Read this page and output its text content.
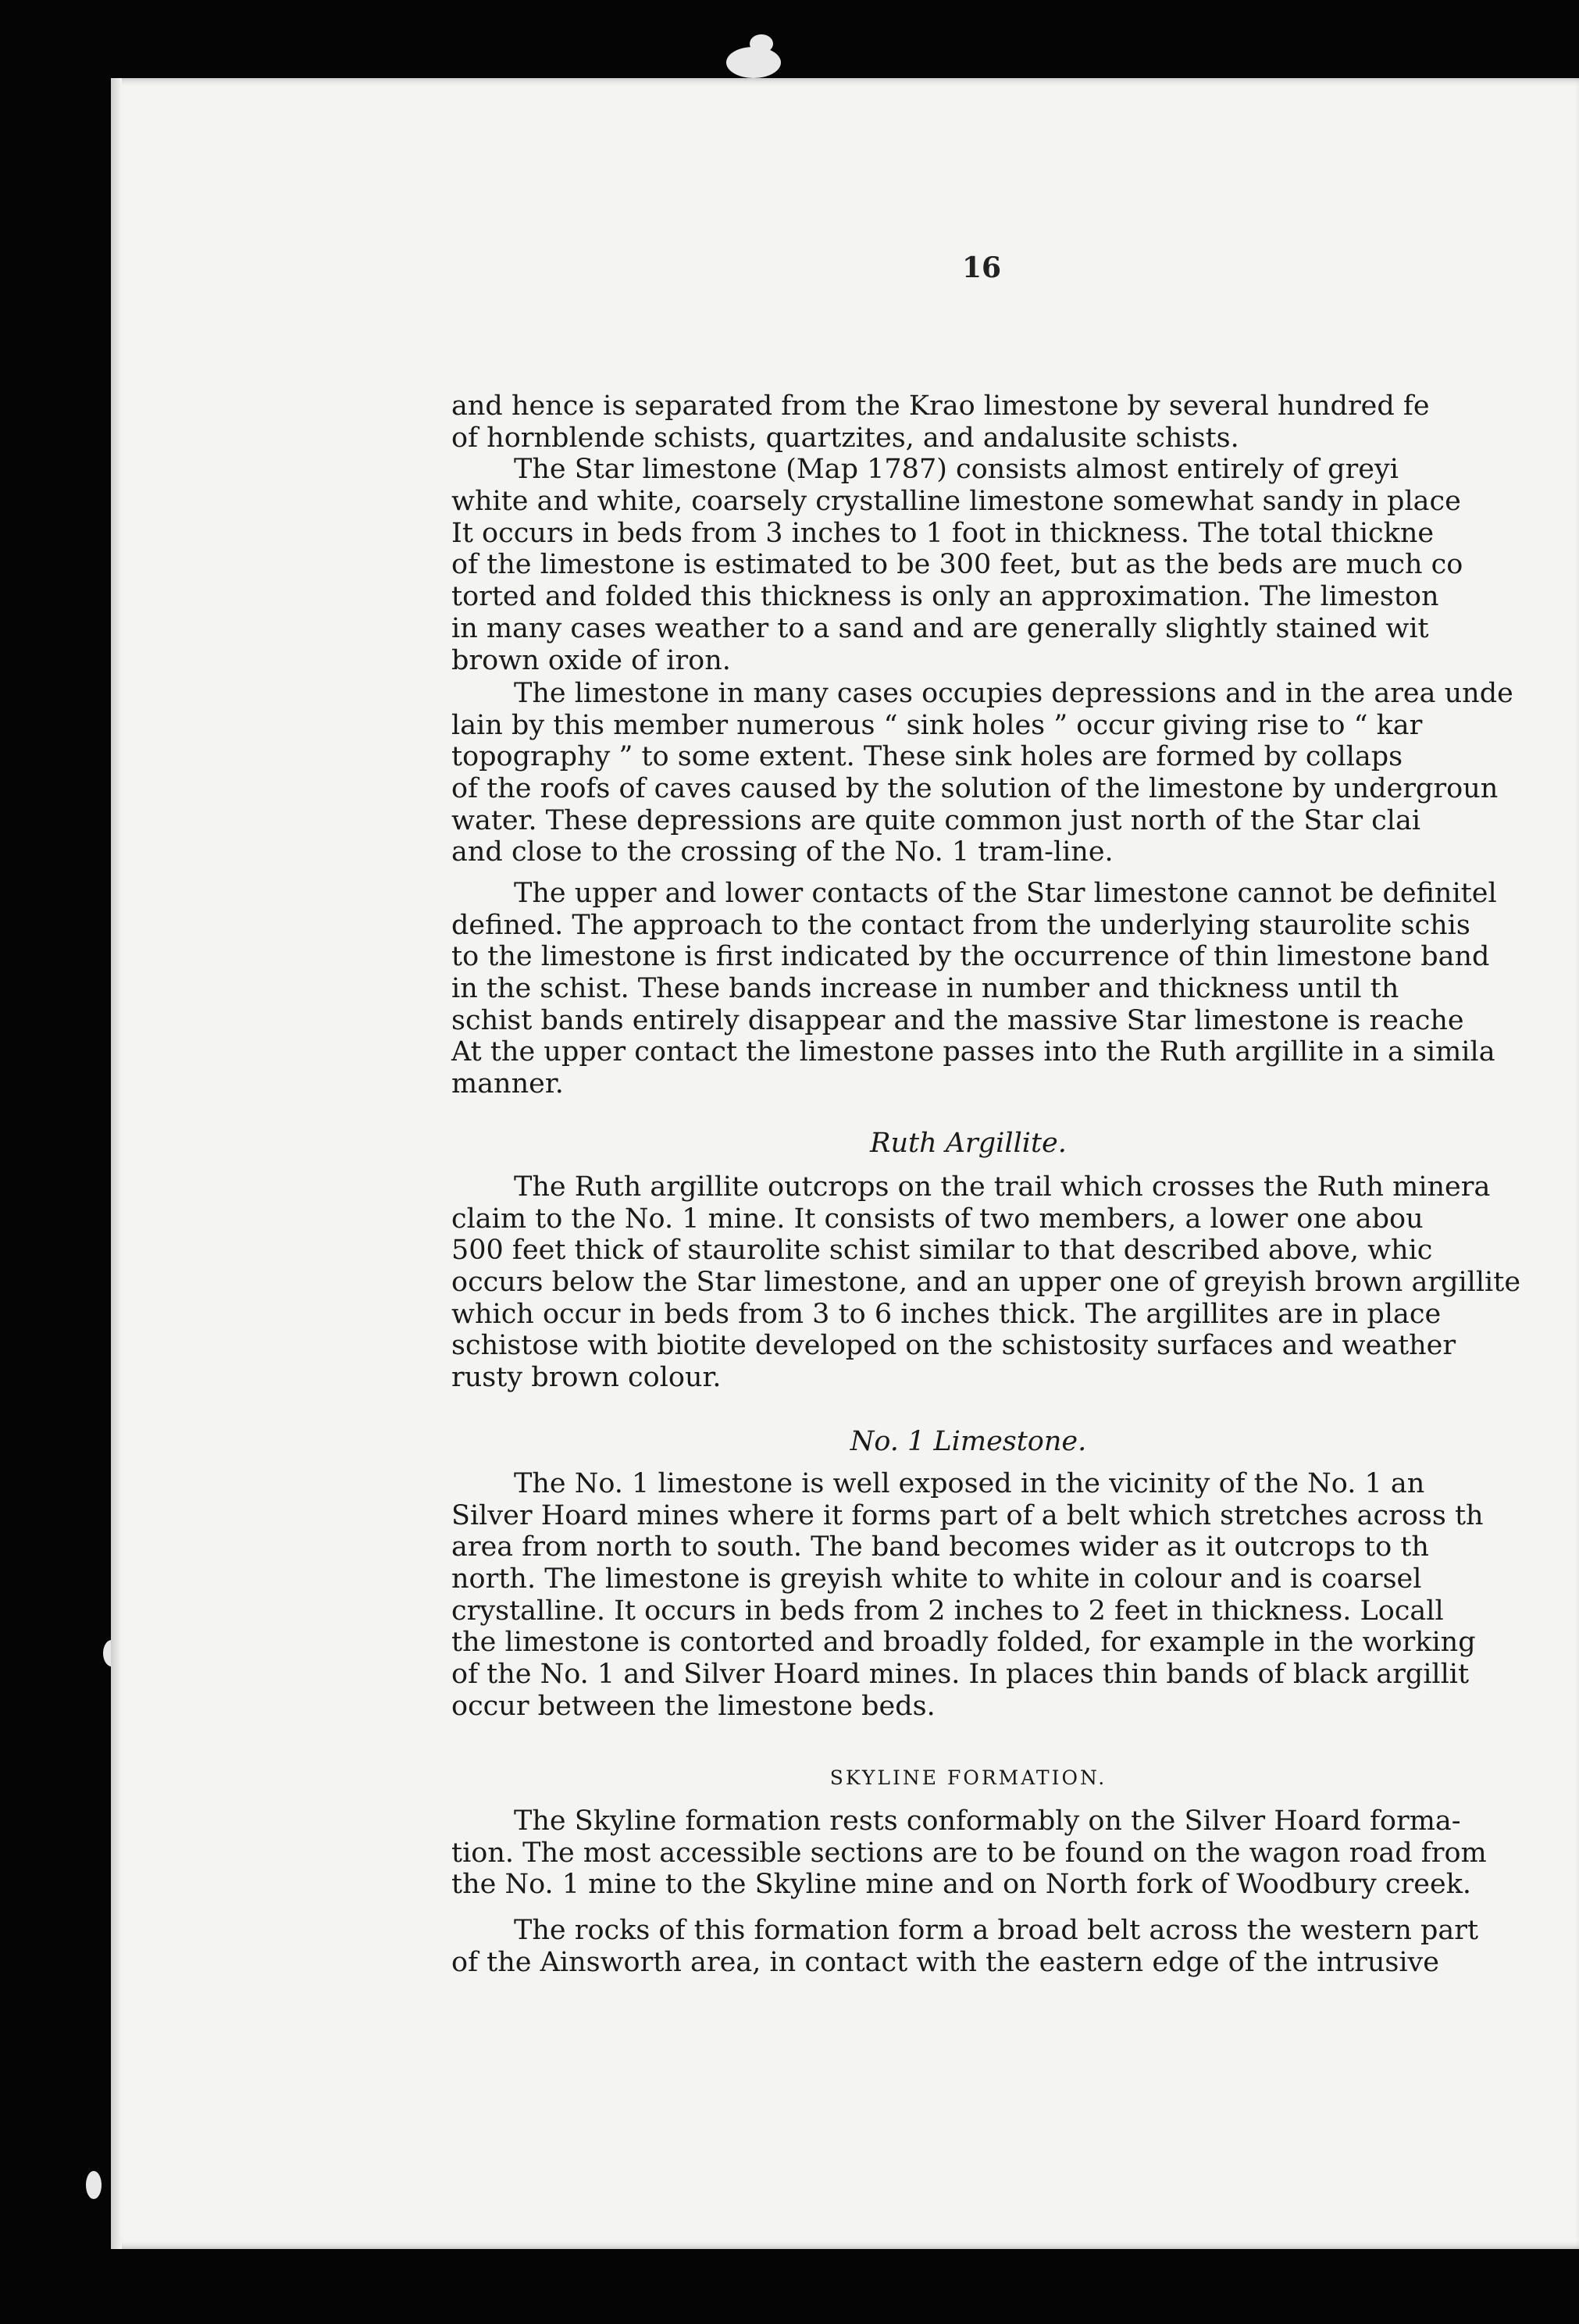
16
and hence is separated from the Krao limestone by several hundred fe
of hornblende schists, quartzites, and andalusite schists.
The Star limestone (Map 1787) consists almost entirely of greyi
white and white, coarsely crystalline limestone somewhat sandy in place
It occurs in beds from 3 inches to 1 foot in thickness. The total thickne
of the limestone is estimated to be 300 feet, but as the beds are much co
torted and folded this thickness is only an approximation. The limeston
in many cases weather to a sand and are generally slightly stained wit
brown oxide of iron.
The limestone in many cases occupies depressions and in the area unde
lain by this member numerous “ sink holes ” occur giving rise to “ kar
topography ” to some extent. These sink holes are formed by collaps
of the roofs of caves caused by the solution of the limestone by undergroun
water. These depressions are quite common just north of the Star clai
and close to the crossing of the No. 1 tram-line.
The upper and lower contacts of the Star limestone cannot be definitel
defined. The approach to the contact from the underlying staurolite schis
to the limestone is first indicated by the occurrence of thin limestone band
in the schist. These bands increase in number and thickness until th
schist bands entirely disappear and the massive Star limestone is reache
At the upper contact the limestone passes into the Ruth argillite in a simila
manner.
Ruth Argillite.
The Ruth argillite outcrops on the trail which crosses the Ruth minera
claim to the No. 1 mine. It consists of two members, a lower one abou
500 feet thick of staurolite schist similar to that described above, whic
occurs below the Star limestone, and an upper one of greyish brown argillite
which occur in beds from 3 to 6 inches thick. The argillites are in place
schistose with biotite developed on the schistosity surfaces and weather
rusty brown colour.
No. 1 Limestone.
The No. 1 limestone is well exposed in the vicinity of the No. 1 an
Silver Hoard mines where it forms part of a belt which stretches across th
area from north to south. The band becomes wider as it outcrops to th
north. The limestone is greyish white to white in colour and is coarsel
crystalline. It occurs in beds from 2 inches to 2 feet in thickness. Locall
the limestone is contorted and broadly folded, for example in the working
of the No. 1 and Silver Hoard mines. In places thin bands of black argillit
occur between the limestone beds.
SKYLINE FORMATION.
The Skyline formation rests conformably on the Silver Hoard forma-
tion. The most accessible sections are to be found on the wagon road from
the No. 1 mine to the Skyline mine and on North fork of Woodbury creek.
The rocks of this formation form a broad belt across the western part
of the Ainsworth area, in contact with the eastern edge of the intrusive
